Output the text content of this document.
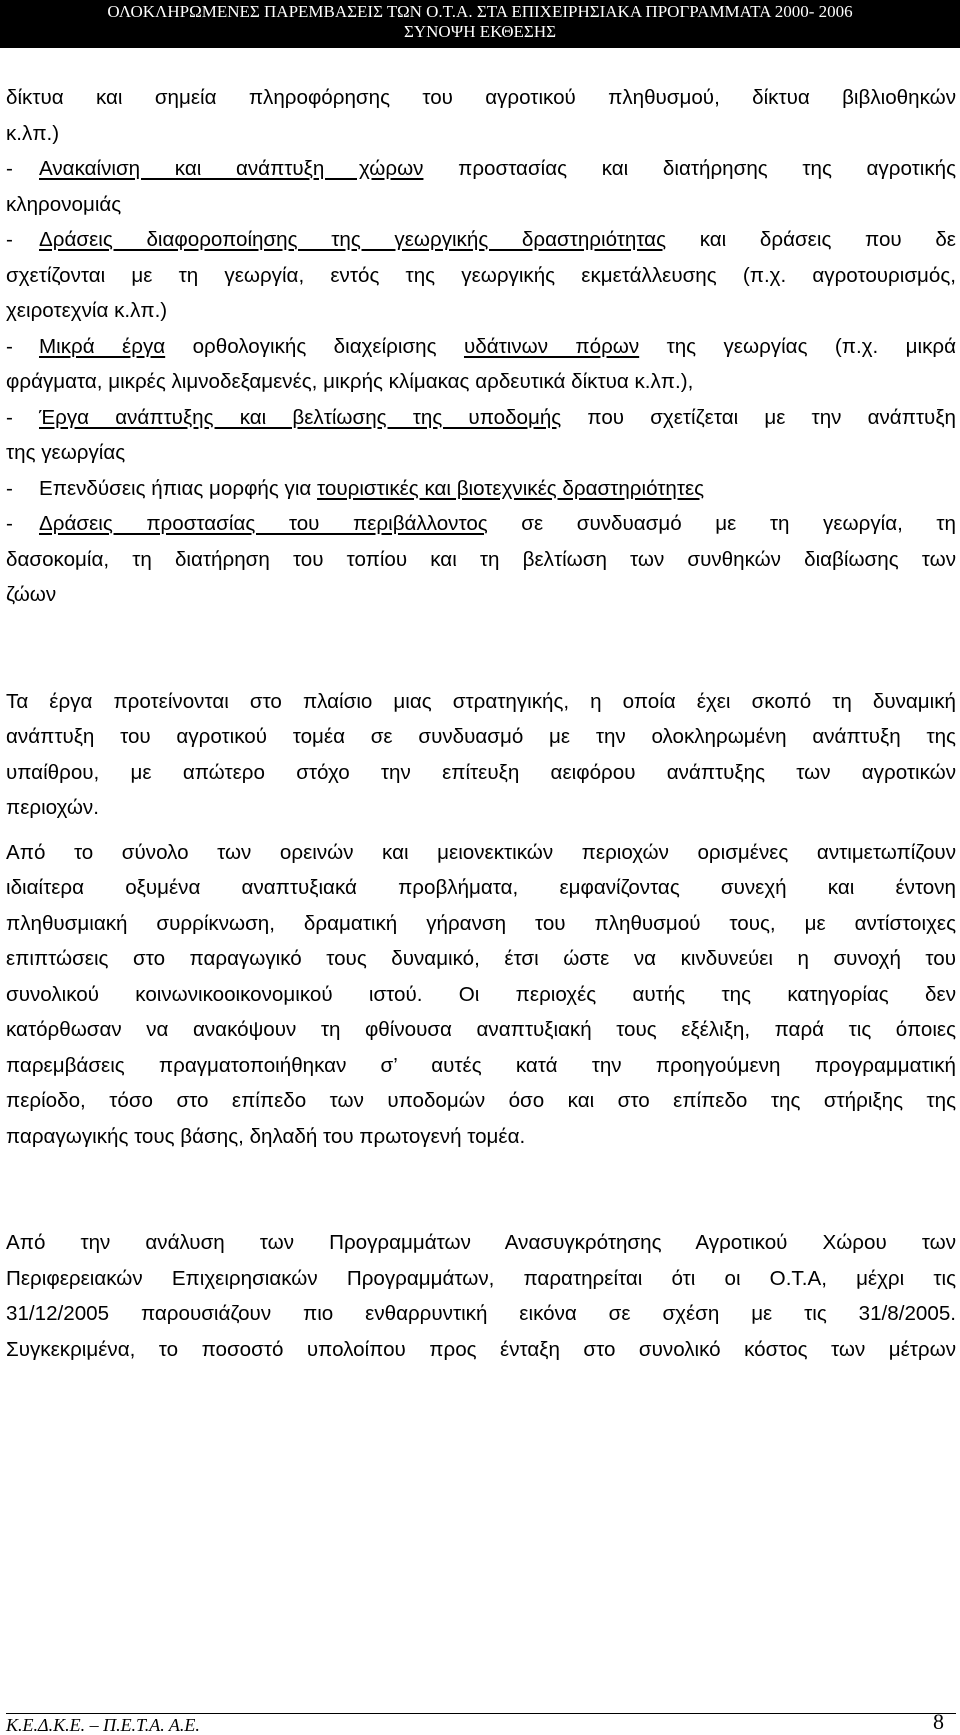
ΟΛΟΚΛΗΡΩΜΕΝΕΣ ΠΑΡΕΜΒΑΣΕΙΣ ΤΩΝ Ο.Τ.Α. ΣΤΑ ΕΠΙΧΕΙΡΗΣΙΑΚΑ ΠΡΟΓΡΑΜΜΑΤΑ 2000- 2006
ΣΥΝΟΨΗ ΕΚΘΕΣΗΣ
δίκτυα και σημεία πληροφόρησης του αγροτικού πληθυσμού, δίκτυα βιβλιοθηκών
κ.λπ.)
- Ανακαίνιση και ανάπτυξη χώρων προστασίας και διατήρησης της αγροτικής
κληρονομιάς
- Δράσεις διαφοροποίησης της γεωργικής δραστηριότητας και δράσεις που δε
σχετίζονται με τη γεωργία, εντός της γεωργικής εκμετάλλευσης (π.χ. αγροτουρισμός,
χειροτεχνία κ.λπ.)
- Μικρά έργα ορθολογικής διαχείρισης υδάτινων πόρων της γεωργίας (π.χ. μικρά
φράγματα, μικρές λιμνοδεξαμενές, μικρής κλίμακας αρδευτικά δίκτυα κ.λπ.),
- Έργα ανάπτυξης και βελτίωσης της υποδομής που σχετίζεται με την ανάπτυξη
της γεωργίας
- Επενδύσεις ήπιας μορφής για τουριστικές και βιοτεχνικές δραστηριότητες
- Δράσεις προστασίας του περιβάλλοντος σε συνδυασμό με τη γεωργία, τη
δασοκομία, τη διατήρηση του τοπίου και τη βελτίωση των συνθηκών διαβίωσης των
ζώων
Τα έργα προτείνονται στο πλαίσιο μιας στρατηγικής, η οποία έχει σκοπό τη δυναμική
ανάπτυξη του αγροτικού τομέα σε συνδυασμό με την ολοκληρωμένη ανάπτυξη της
υπαίθρου, με απώτερο στόχο την επίτευξη αειφόρου ανάπτυξης των αγροτικών
περιοχών.
Από το σύνολο των ορεινών και μειονεκτικών περιοχών ορισμένες αντιμετωπίζουν
ιδιαίτερα οξυμένα αναπτυξιακά προβλήματα, εμφανίζοντας συνεχή και έντονη
πληθυσμιακή συρρίκνωση, δραματική γήρανση του πληθυσμού τους, με αντίστοιχες
επιπτώσεις στο παραγωγικό τους δυναμικό, έτσι ώστε να κινδυνεύει η συνοχή του
συνολικού κοινωνικοοικονομικού ιστού. Οι περιοχές αυτής της κατηγορίας δεν
κατόρθωσαν να ανακόψουν τη φθίνουσα αναπτυξιακή τους εξέλιξη, παρά τις όποιες
παρεμβάσεις πραγματοποιήθηκαν σ’ αυτές κατά την προηγούμενη προγραμματική
περίοδο, τόσο στο επίπεδο των υποδομών όσο και στο επίπεδο της στήριξης της
παραγωγικής τους βάσης, δηλαδή του πρωτογενή τομέα.
Από την ανάλυση των Προγραμμάτων Ανασυγκρότησης Αγροτικού Χώρου των
Περιφερειακών Επιχειρησιακών Προγραμμάτων, παρατηρείται ότι οι Ο.Τ.Α, μέχρι τις
31/12/2005 παρουσιάζουν πιο ενθαρρυντική εικόνα σε σχέση με τις 31/8/2005.
Συγκεκριμένα, το ποσοστό υπολοίπου προς ένταξη στο συνολικό κόστος των μέτρων
Κ.Ε.Δ.Κ.Ε. – Π.Ε.Τ.Α. Α.Ε.	8
